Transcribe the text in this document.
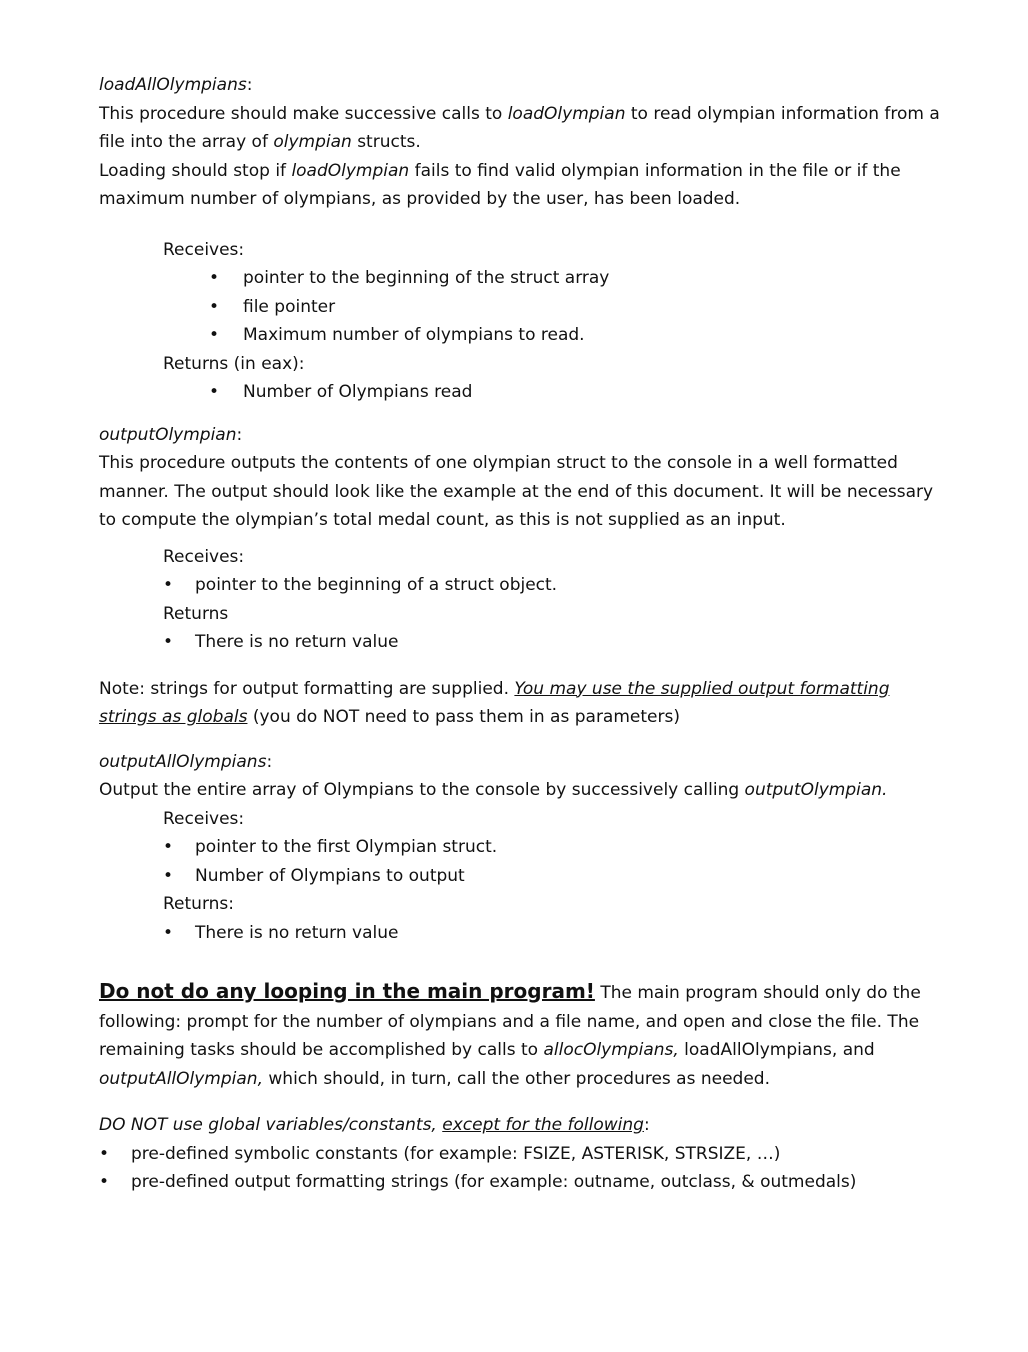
loadAllOlympians:

This procedure should make successive calls to loadOlympian to read olympian information from a file into the array of olympian structs.

Loading should stop if loadOlympian fails to find valid olympian information in the file or if the maximum number of olympians, as provided by the user, has been loaded.

Receives:

• pointer to the beginning of the struct array
• file pointer
• Maximum number of olympians to read.

Returns (in eax):

• Number of Olympians read

outputOlympian:

This procedure outputs the contents of one olympian struct to the console in a well formatted manner. The output should look like the example at the end of this document. It will be necessary to compute the olympian’s total medal count, as this is not supplied as an input.

Receives:

• pointer to the beginning of a struct object.

Returns

• There is no return value

Note: strings for output formatting are supplied. You may use the supplied output formatting strings as globals (you do NOT need to pass them in as parameters)

outputAllOlympians:

Output the entire array of Olympians to the console by successively calling outputOlympian.

Receives:

• pointer to the first Olympian struct.
• Number of Olympians to output

Returns:

• There is no return value

Do not do any looping in the main program! The main program should only do the following: prompt for the number of olympians and a file name, and open and close the file. The remaining tasks should be accomplished by calls to allocOlympians, loadAllOlympians, and outputAllOlympian, which should, in turn, call the other procedures as needed.

DO NOT use global variables/constants, except for the following:

• pre-defined symbolic constants (for example: FSIZE, ASTERISK, STRSIZE, …)
• pre-defined output formatting strings (for example: outname, outclass, & outmedals)
